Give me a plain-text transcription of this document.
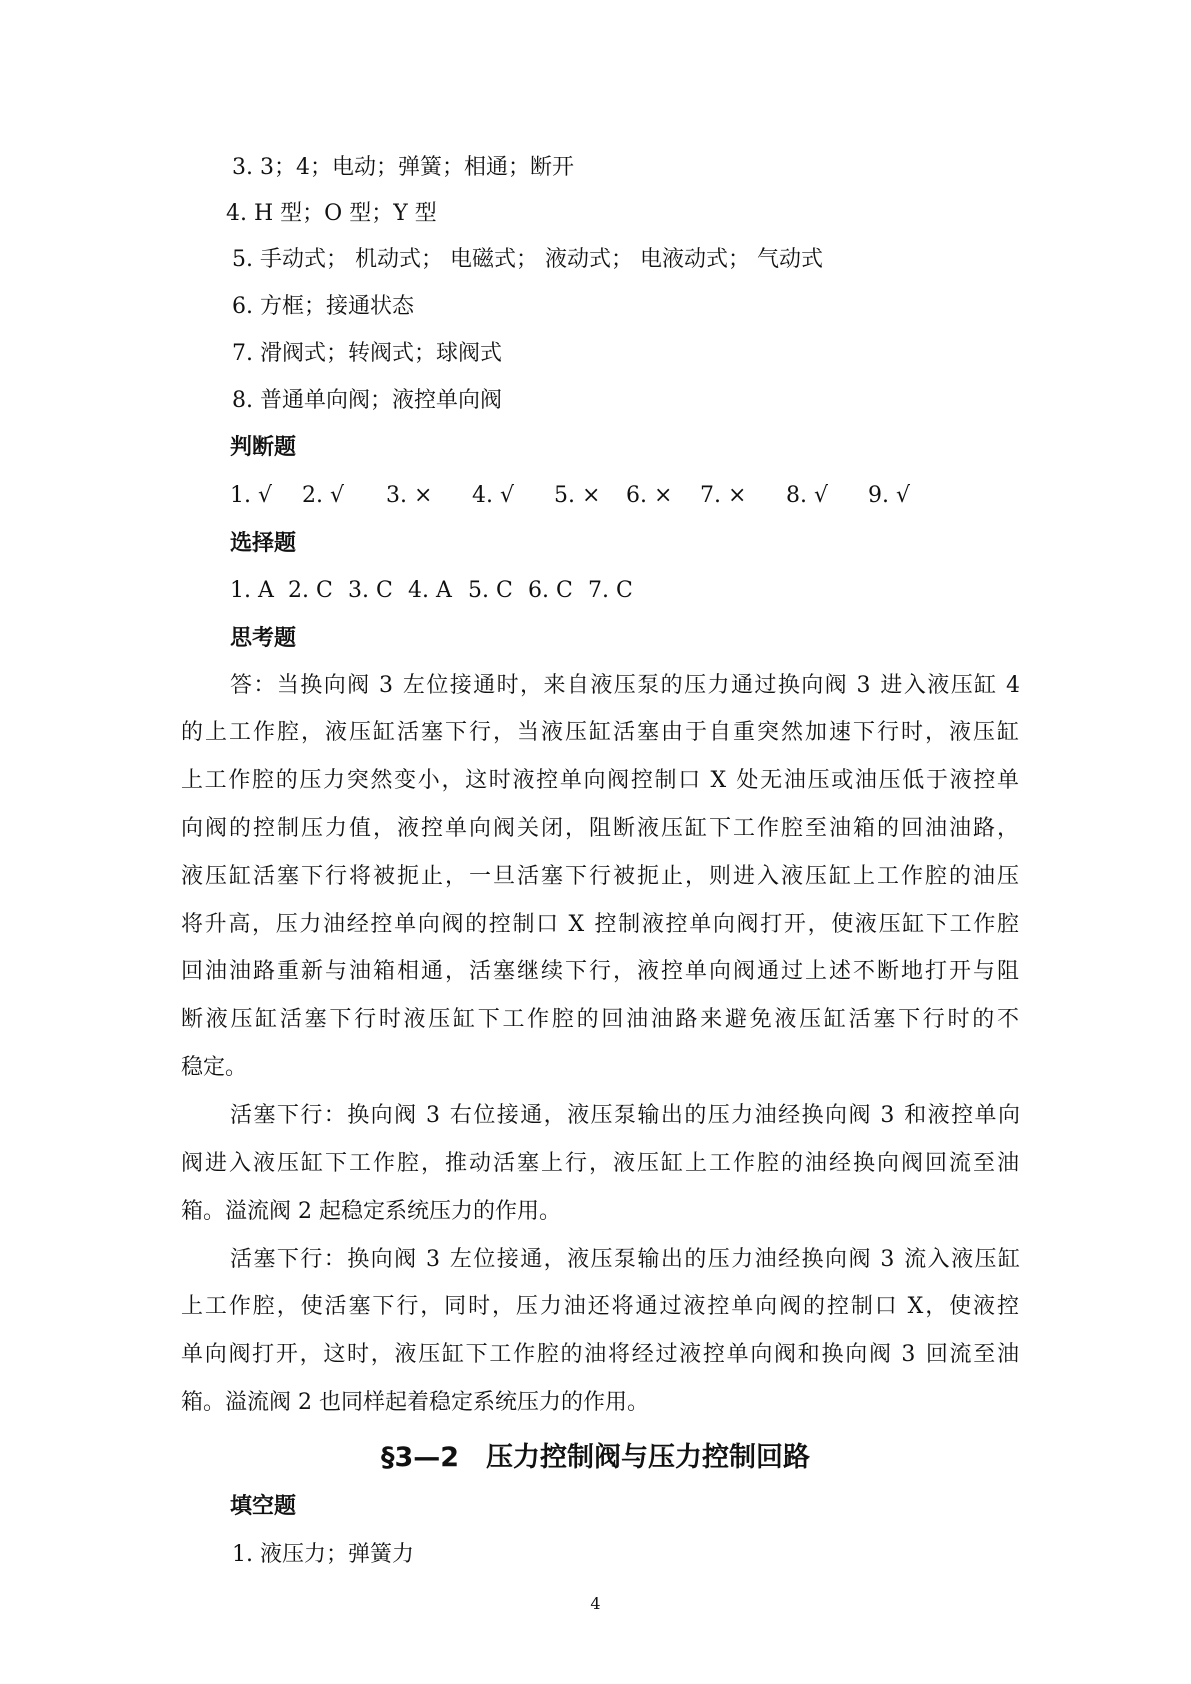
3. 3；4；电动；弹簧；相通；断开
4. H 型；O 型；Y 型
5. 手动式； 机动式； 电磁式； 液动式； 电液动式； 气动式
6. 方框；接通状态
7. 滑阀式；转阀式；球阀式
8. 普通单向阀；液控单向阀
判断题
1. √ 2. √ 3. × 4. √ 5. × 6. × 7. × 8. √ 9. √
选择题
1. A 2. C 3. C 4. A 5. C 6. C 7. C
思考题
答：当换向阀 3 左位接通时，来自液压泵的压力通过换向阀 3 进入液压缸 4
的上工作腔，液压缸活塞下行，当液压缸活塞由于自重突然加速下行时，液压缸
上工作腔的压力突然变小，这时液控单向阀控制口 X 处无油压或油压低于液控单
向阀的控制压力值，液控单向阀关闭，阻断液压缸下工作腔至油箱的回油油路，
液压缸活塞下行将被扼止，一旦活塞下行被扼止，则进入液压缸上工作腔的油压
将升高，压力油经控单向阀的控制口 X 控制液控单向阀打开，使液压缸下工作腔
回油油路重新与油箱相通，活塞继续下行，液控单向阀通过上述不断地打开与阻
断液压缸活塞下行时液压缸下工作腔的回油油路来避免液压缸活塞下行时的不
稳定。
活塞下行：换向阀 3 右位接通，液压泵输出的压力油经换向阀 3 和液控单向
阀进入液压缸下工作腔，推动活塞上行，液压缸上工作腔的油经换向阀回流至油
箱。溢流阀 2 起稳定系统压力的作用。
活塞下行：换向阀 3 左位接通，液压泵输出的压力油经换向阀 3 流入液压缸
上工作腔，使活塞下行，同时，压力油还将通过液控单向阀的控制口 X，使液控
单向阀打开，这时，液压缸下工作腔的油将经过液控单向阀和换向阀 3 回流至油
箱。溢流阀 2 也同样起着稳定系统压力的作用。
§3—2　压力控制阀与压力控制回路
填空题
1. 液压力；弹簧力
4
